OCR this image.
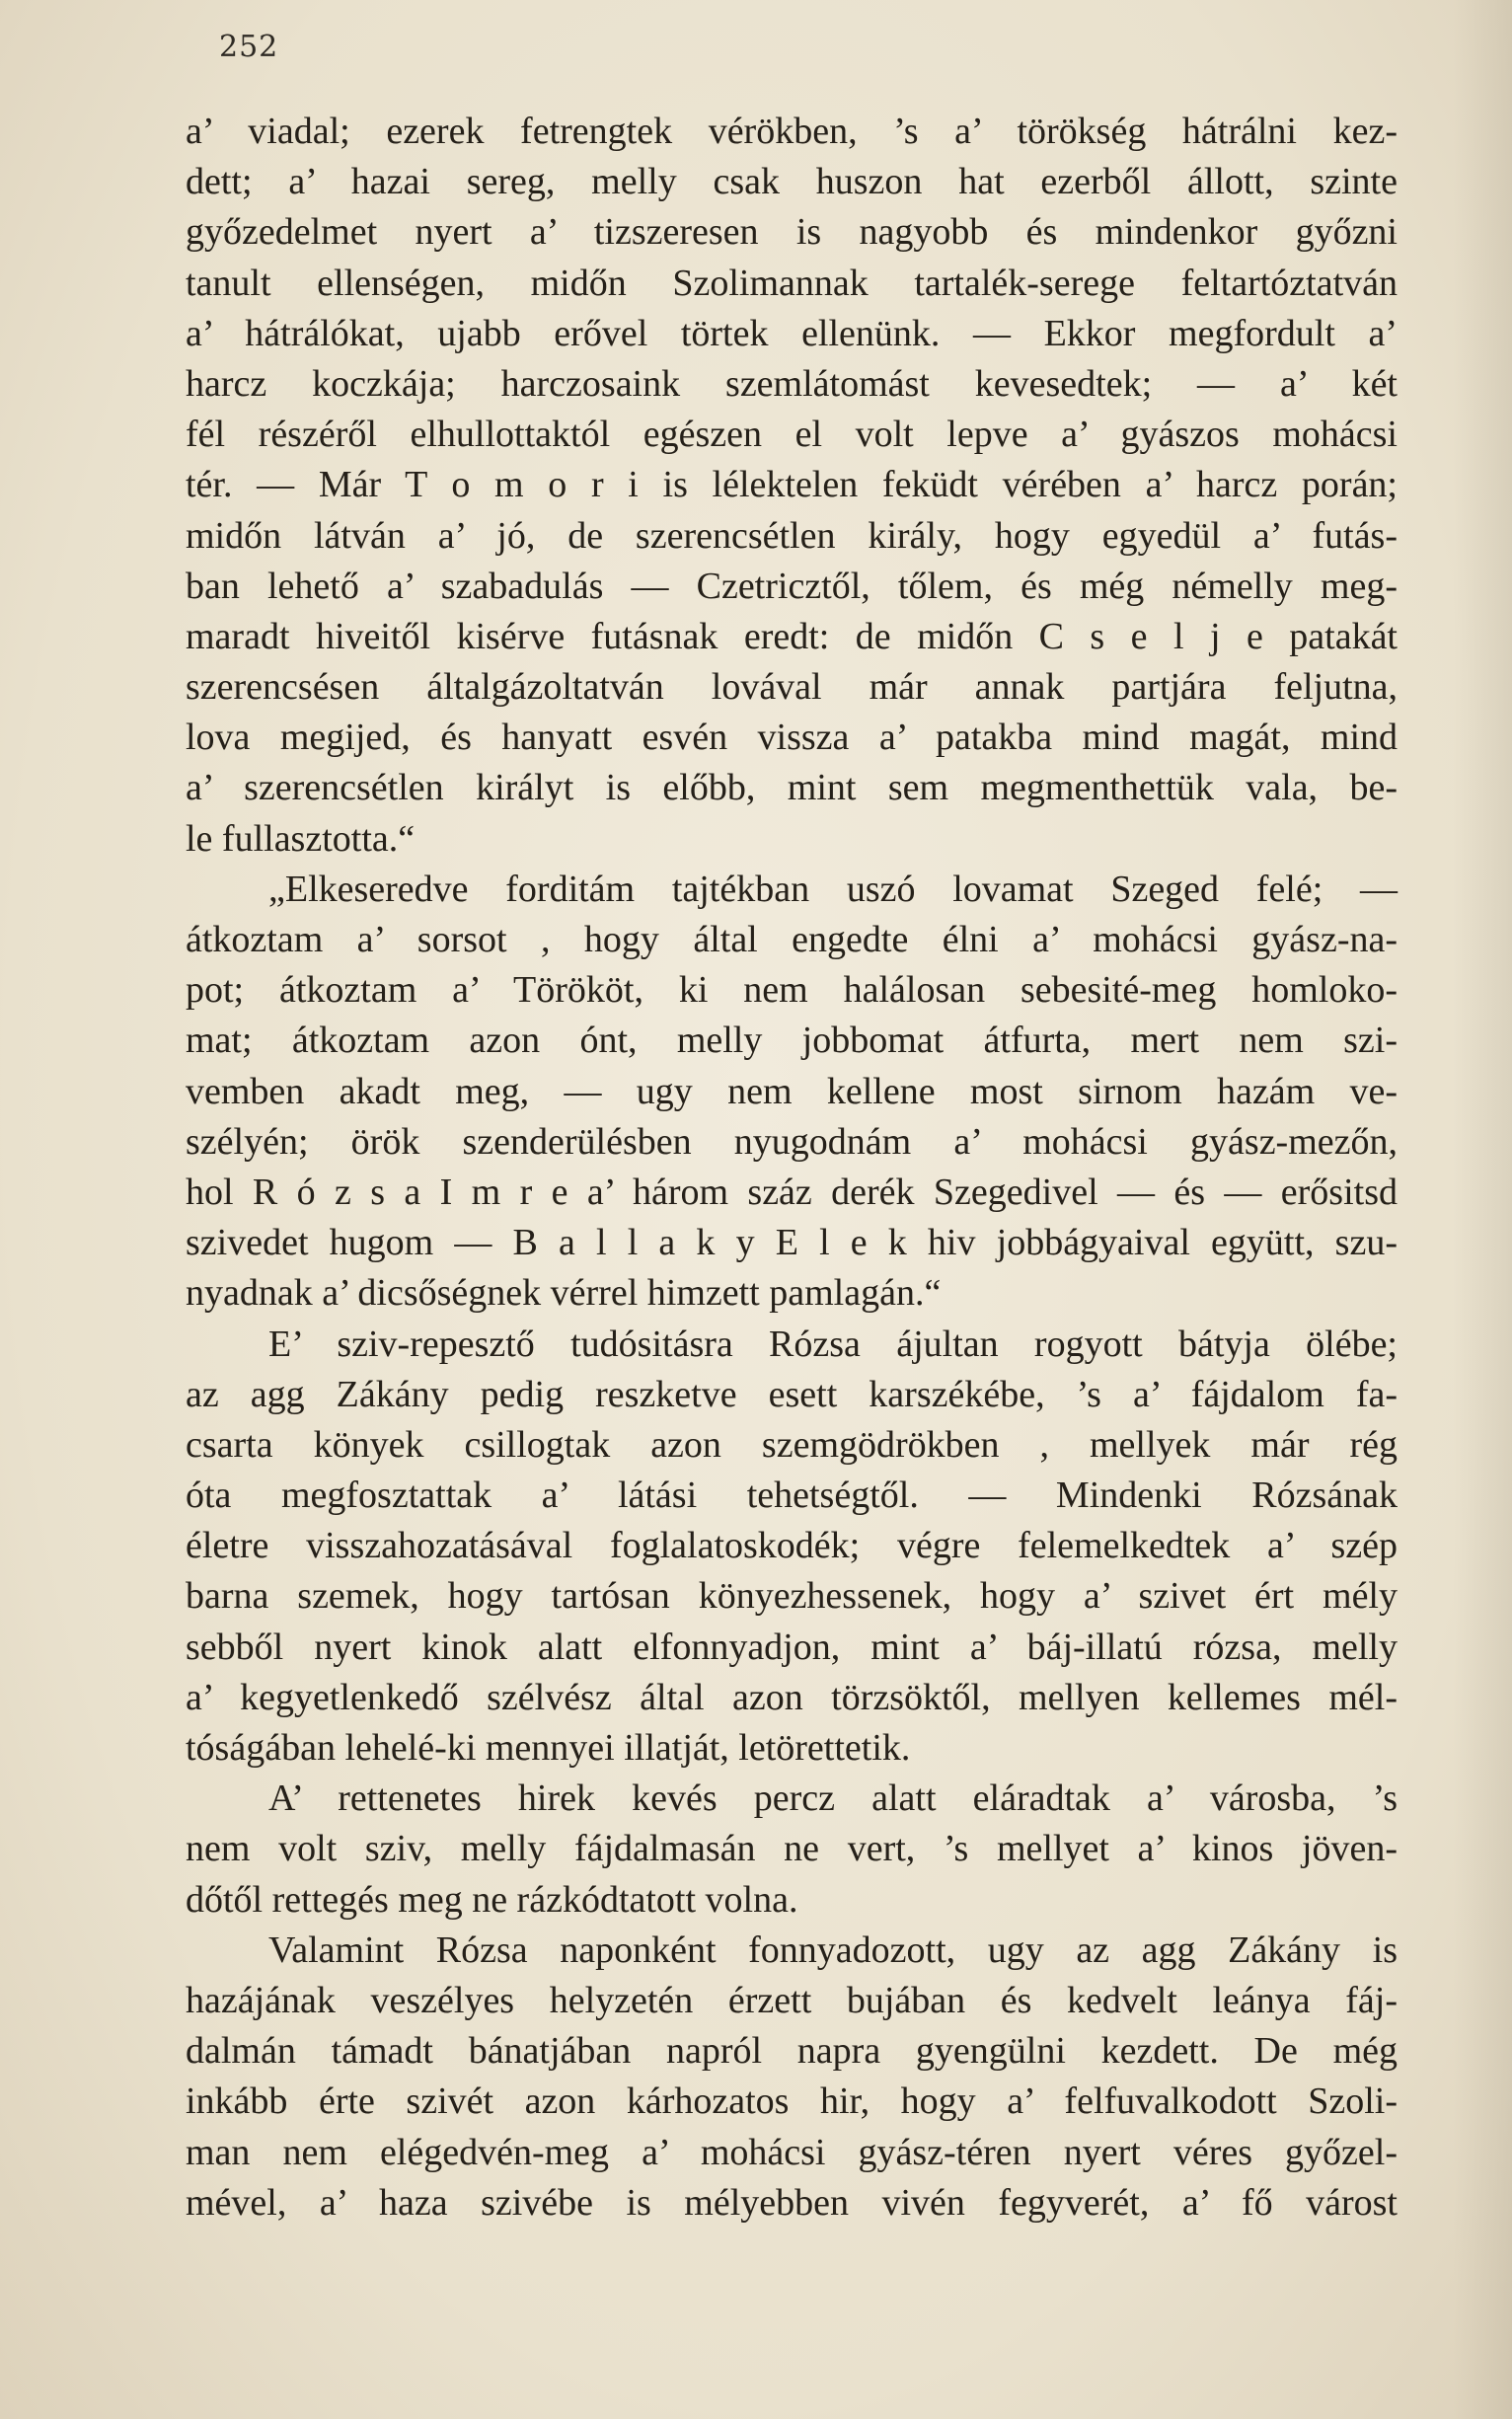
252
a’ viadal; ezerek fetrengtek vérökben, ’s a’ törökség hátrálni kez-
dett; a’ hazai sereg, melly csak huszon hat ezerből állott, szinte
győzedelmet nyert a’ tizszeresen is nagyobb és mindenkor győzni
tanult ellenségen, midőn Szolimannak tartalék-serege feltartóztatván
a’ hátrálókat, ujabb erővel törtek ellenünk. — Ekkor megfordult a’
harcz koczkája; harczosaink szemlátomást kevesedtek; — a’ két
fél részéről elhullottaktól egészen el volt lepve a’ gyászos mohácsi
tér. — Már T o m o r i is lélektelen feküdt vérében a’ harcz porán;
midőn látván a’ jó, de szerencsétlen király, hogy egyedül a’ futás-
ban lehető a’ szabadulás — Czetricztől, tőlem, és még némelly meg-
maradt hiveitől kisérve futásnak eredt: de midőn C s e l j e patakát
szerencsésen általgázoltatván lovával már annak partjára feljutna,
lova megijed, és hanyatt esvén vissza a’ patakba mind magát, mind
a’ szerencsétlen királyt is előbb, mint sem megmenthettük vala, be-
le fullasztotta.“
„Elkeseredve forditám tajtékban uszó lovamat Szeged felé; —
átkoztam a’ sorsot , hogy által engedte élni a’ mohácsi gyász-na-
pot; átkoztam a’ Törököt, ki nem halálosan sebesité-meg homloko-
mat; átkoztam azon ónt, melly jobbomat átfurta, mert nem szi-
vemben akadt meg, — ugy nem kellene most sirnom hazám ve-
szélyén; örök szenderülésben nyugodnám a’ mohácsi gyász-mezőn,
hol R ó z s a I m r e a’ három száz derék Szegedivel — és — erősitsd
szivedet hugom — B a l l a k y E l e k hiv jobbágyaival együtt, szu-
nyadnak a’ dicsőségnek vérrel himzett pamlagán.“
E’ sziv-repesztő tudósitásra Rózsa ájultan rogyott bátyja ölébe;
az agg Zákány pedig reszketve esett karszékébe, ’s a’ fájdalom fa-
csarta könyek csillogtak azon szemgödrökben , mellyek már rég
óta megfosztattak a’ látási tehetségtől. — Mindenki Rózsának
életre visszahozatásával foglalatoskodék; végre felemelkedtek a’ szép
barna szemek, hogy tartósan könyezhessenek, hogy a’ szivet ért mély
sebből nyert kinok alatt elfonnyadjon, mint a’ báj-illatú rózsa, melly
a’ kegyetlenkedő szélvész által azon törzsöktől, mellyen kellemes mél-
tóságában lehelé-ki mennyei illatját, letörettetik.
A’ rettenetes hirek kevés percz alatt eláradtak a’ városba, ’s
nem volt sziv, melly fájdalmasán ne vert, ’s mellyet a’ kinos jöven-
dőtől rettegés meg ne rázkódtatott volna.
Valamint Rózsa naponként fonnyadozott, ugy az agg Zákány is
hazájának veszélyes helyzetén érzett bujában és kedvelt leánya fáj-
dalmán támadt bánatjában napról napra gyengülni kezdett. De még
inkább érte szivét azon kárhozatos hir, hogy a’ felfuvalkodott Szoli-
man nem elégedvén-meg a’ mohácsi gyász-téren nyert véres győzel-
mével, a’ haza szivébe is mélyebben vivén fegyverét, a’ fő várost
